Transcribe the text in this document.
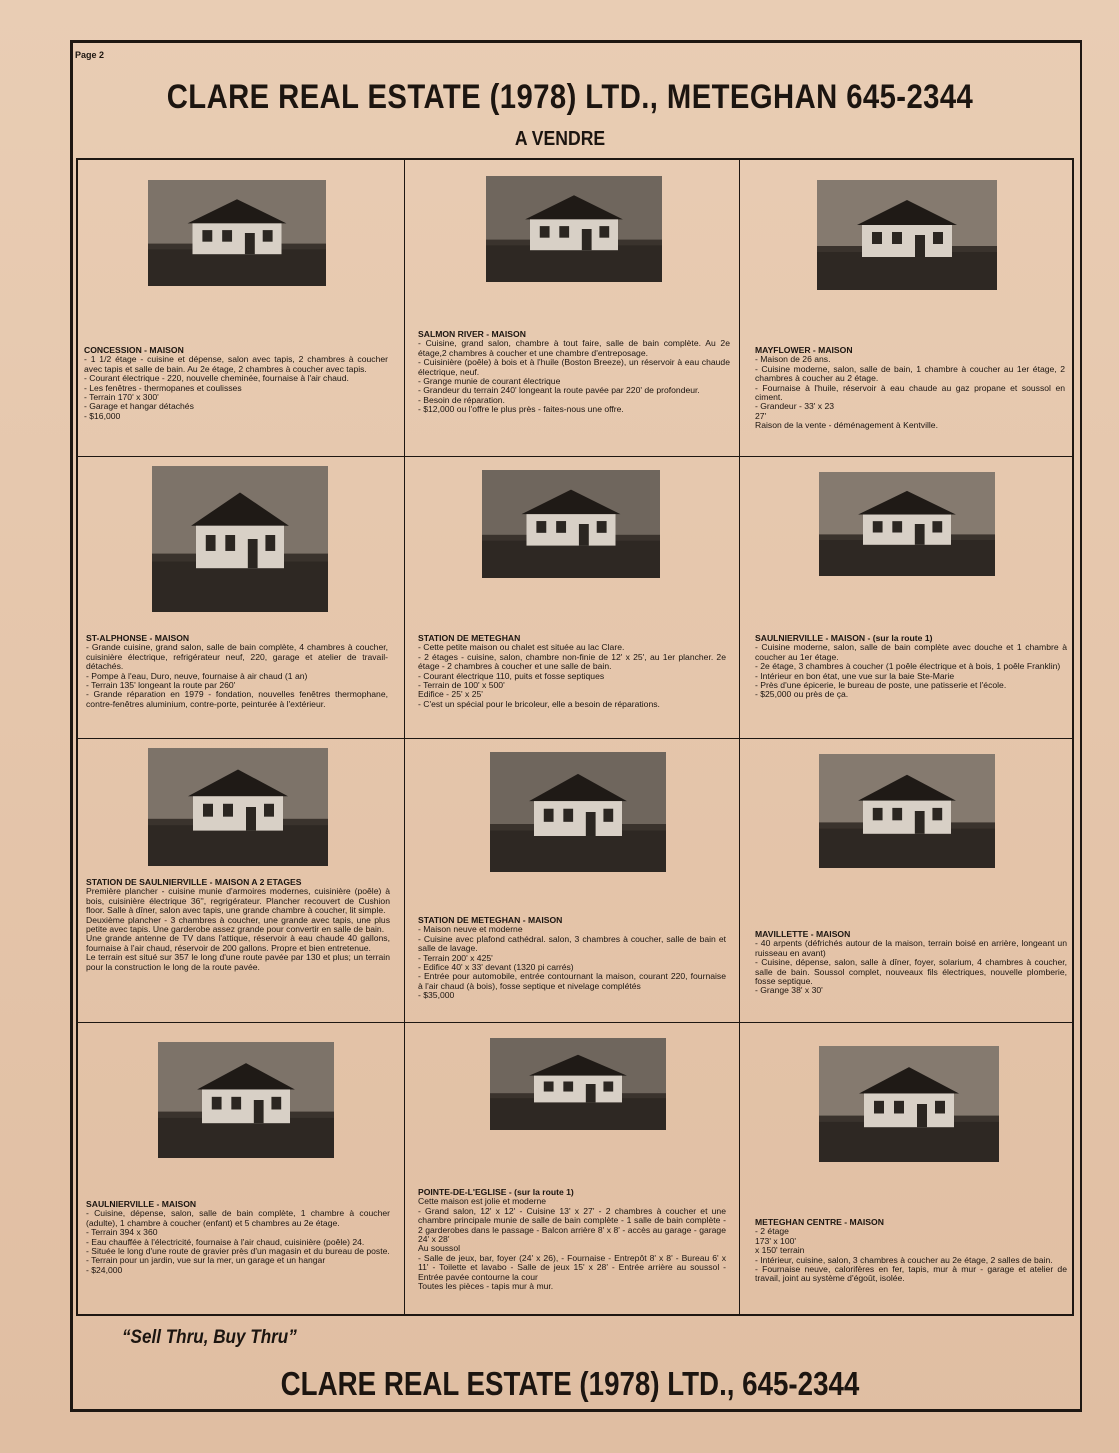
Page 2
CLARE REAL ESTATE (1978) LTD., METEGHAN 645-2344
A VENDRE
CONCESSION - MAISON
- 1 1/2 étage - cuisine et dépense, salon avec tapis, 2 chambres à coucher avec tapis et salle de bain. Au 2e étage, 2 chambres à coucher avec tapis.
- Courant électrique - 220, nouvelle cheminée, fournaise à l'air chaud.
- Les fenêtres - thermopanes et coulisses
- Terrain 170' x 300'
- Garage et hangar détachés
- $16,000
SALMON RIVER - MAISON
- Cuisine, grand salon, chambre à tout faire, salle de bain complète. Au 2e étage,2 chambres à coucher et une chambre d'entreposage.
- Cuisinière (poêle) à bois et à l'huile (Boston Breeze), un réservoir à eau chaude électrique, neuf.
- Grange munie de courant électrique
- Grandeur du terrain 240' longeant la route pavée par 220' de profondeur.
- Besoin de réparation.
- $12,000 ou l'offre le plus près - faites-nous une offre.
MAYFLOWER - MAISON
- Maison de 26 ans.
- Cuisine moderne, salon, salle de bain, 1 chambre à coucher au 1er étage, 2 chambres à coucher au 2 étage.
- Fournaise à l'huile, réservoir à eau chaude au gaz propane et soussol en ciment.
- Grandeur - 33' x 23
27'
Raison de la vente - déménagement à Kentville.
ST-ALPHONSE - MAISON
- Grande cuisine, grand salon, salle de bain complète, 4 chambres à coucher, cuisinière électrique, refrigérateur neuf, 220, garage et atelier de travail-détachés.
- Pompe à l'eau, Duro, neuve, fournaise à air chaud (1 an)
- Terrain 135' longeant la route par 260'
- Grande réparation en 1979 - fondation, nouvelles fenêtres thermophane, contre-fenêtres aluminium, contre-porte, peinturée à l'extérieur.
STATION DE METEGHAN
- Cette petite maison ou chalet est située au lac Clare.
- 2 étages - cuisine, salon, chambre non-finie de 12' x 25', au 1er plancher. 2e étage - 2 chambres à coucher et une salle de bain.
- Courant électrique 110, puits et fosse septiques
- Terrain de 100' x 500'
Edifice - 25' x 25'
- C'est un spécial pour le bricoleur, elle a besoin de réparations.
SAULNIERVILLE - MAISON - (sur la route 1)
- Cuisine moderne, salon, salle de bain complète avec douche et 1 chambre à coucher au 1er étage.
- 2e étage, 3 chambres à coucher (1 poêle électrique et à bois, 1 poêle Franklin)
- Intérieur en bon état, une vue sur la baie Ste-Marie
- Près d'une épicerie, le bureau de poste, une patisserie et l'école.
- $25,000 ou près de ça.
STATION DE SAULNIERVILLE - MAISON A 2 ETAGES
Première plancher - cuisine munie d'armoires modernes, cuisinière (poêle) à bois, cuisinière électrique 36'', regrigérateur. Plancher recouvert de Cushion floor. Salle à dîner, salon avec tapis, une grande chambre à coucher, lit simple.
Deuxième plancher - 3 chambres à coucher, une grande avec tapis, une plus petite avec tapis. Une garderobe assez grande pour convertir en salle de bain.
Une grande antenne de TV dans l'attique, réservoir à eau chaude 40 gallons, fournaise à l'air chaud, réservoir de 200 gallons. Propre et bien entretenue.
Le terrain est situé sur 357 le long d'une route pavée par 130 et plus; un terrain pour la construction le long de la route pavée.
STATION DE METEGHAN - MAISON
- Maison neuve et moderne
- Cuisine avec plafond cathédral. salon, 3 chambres à coucher, salle de bain et salle de lavage.
- Terrain 200' x 425'
- Edifice 40' x 33' devant (1320 pi carrés)
- Entrée pour automobile, entrée contournant la maison, courant 220, fournaise à l'air chaud (à bois), fosse septique et nivelage complétés
- $35,000
MAVILLETTE - MAISON
- 40 arpents (défrichés autour de la maison, terrain boisé en arrière, longeant un ruisseau en avant)
- Cuisine, dépense, salon, salle à dîner, foyer, solarium, 4 chambres à coucher, salle de bain. Soussol complet, nouveaux fils électriques, nouvelle plomberie, fosse septique.
- Grange 38' x 30'
SAULNIERVILLE - MAISON
- Cuisine, dépense, salon, salle de bain complète, 1 chambre à coucher (adulte), 1 chambre à coucher (enfant) et 5 chambres au 2e étage.
- Terrain 394 x 360
- Eau chauffée à l'électricité, fournaise à l'air chaud, cuisinière (poêle) 24.
- Située le long d'une route de gravier près d'un magasin et du bureau de poste.
- Terrain pour un jardin, vue sur la mer, un garage et un hangar
- $24,000
POINTE-DE-L'EGLISE - (sur la route 1)
Cette maison est jolie et moderne
- Grand salon, 12' x 12' - Cuisine 13' x 27' - 2 chambres à coucher et une chambre principale munie de salle de bain complète - 1 salle de bain complète - 2 garderobes dans le passage - Balcon arrière 8' x 8' - accès au garage - garage 24' x 28'
Au soussol
- Salle de jeux, bar, foyer (24' x 26), - Fournaise - Entrepôt 8' x 8' - Bureau 6' x 11' - Toilette et lavabo - Salle de jeux 15' x 28' - Entrée arrière au soussol - Entrée pavée contourne la cour
Toutes les pièces - tapis mur à mur.
METEGHAN CENTRE - MAISON
- 2 étage
173' x 100'
x 150' terrain
- Intérieur, cuisine, salon, 3 chambres à coucher au 2e étage, 2 salles de bain.
- Fournaise neuve, calorifères en fer, tapis, mur à mur - garage et atelier de travail, joint au système d'égoût, isolée.
“Sell Thru, Buy Thru”
CLARE REAL ESTATE (1978) LTD., 645-2344
